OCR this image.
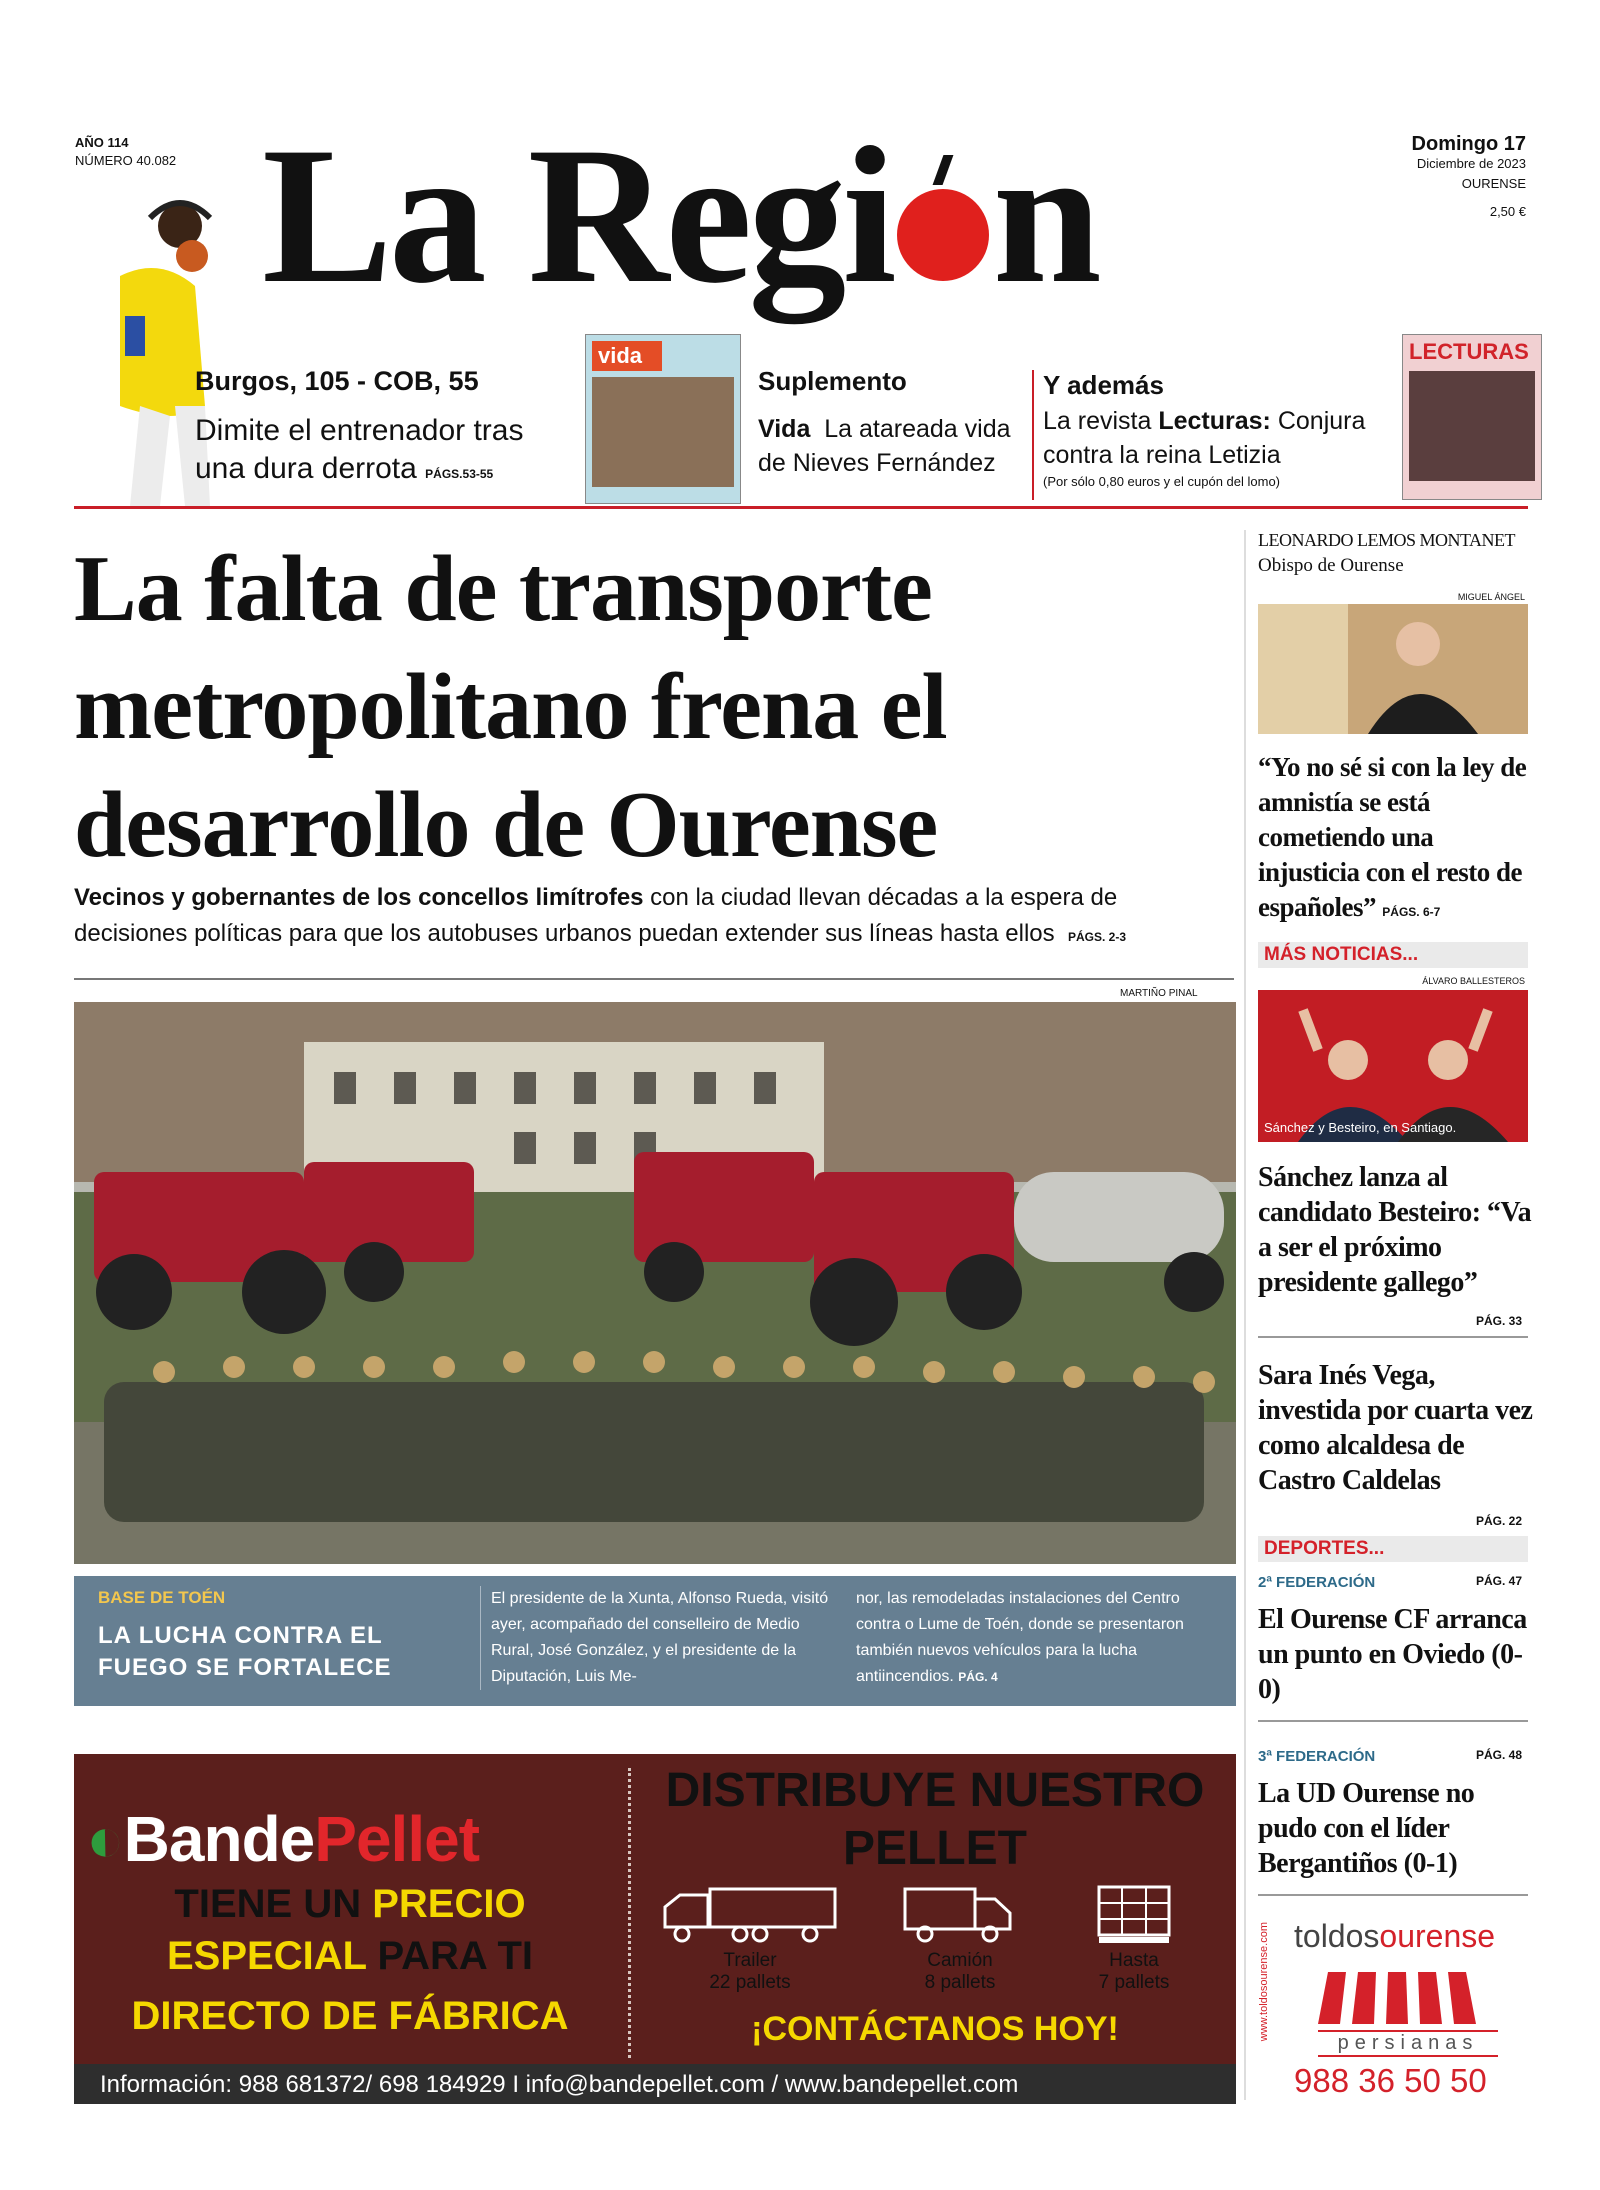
AÑO 114
NÚMERO 40.082 La Regi n	Domingo 17
Diciembre de 2023
OURENSE
2,50 €
Burgos, 105 - COB, 55
Dimite el entrenador tras una dura derrota PÁGS.53-55
vida
Suplemento
Vida La atareada vida de Nieves Fernández
Y además
La revista Lecturas: Conjura contra la reina Letizia
(Por sólo 0,80 euros y el cupón del lomo)
LECTURAS
La falta de transporte metropolitano frena el desarrollo de Ourense
Vecinos y gobernantes de los concellos limítrofes con la ciudad llevan décadas a la espera de decisiones políticas para que los autobuses urbanos puedan extender sus líneas hasta ellos PÁGS. 2-3
MARTIÑO PINAL
BASE DE TOÉN
LA LUCHA CONTRA EL FUEGO SE FORTALECE
El presidente de la Xunta, Alfonso Rueda, visitó ayer, acompañado del conselleiro de Medio Rural, José González, y el presidente de la Diputación, Luis Me-
nor, las remodeladas instalaciones del Centro contra o Lume de Toén, donde se presentaron también nuevos vehículos para la lucha antiincendios. PÁG. 4
◐BandePellet
TIENE UN PRECIO
ESPECIAL PARA TI
DIRECTO DE FÁBRICA
DISTRIBUYE NUESTRO PELLET
Trailer
22 pallets
Camión
8 pallets
Hasta
7 pallets
¡CONTÁCTANOS HOY!
Información: 988 681372/ 698 184929 I info@bandepellet.com / www.bandepellet.com
LEONARDO LEMOS MONTANET
Obispo de Ourense
MIGUEL ÁNGEL
“Yo no sé si con la ley de amnistía se está cometiendo una injusticia con el resto de españoles” PÁGS. 6-7
MÁS NOTICIAS...
ÁLVARO BALLESTEROS
Sánchez y Besteiro, en Santiago.
Sánchez lanza al candidato Besteiro: “Va a ser el próximo presidente gallego”
PÁG. 33
Sara Inés Vega, investida por cuarta vez como alcaldesa de Castro Caldelas
PÁG. 22
DEPORTES...
2ª FEDERACIÓN	PÁG. 47
El Ourense CF arranca un punto en Oviedo (0-0)
3ª FEDERACIÓN	PÁG. 48
La UD Ourense no pudo con el líder Bergantiños (0-1)
www.toldosourense.com toldosourense
persianas
988 36 50 50
